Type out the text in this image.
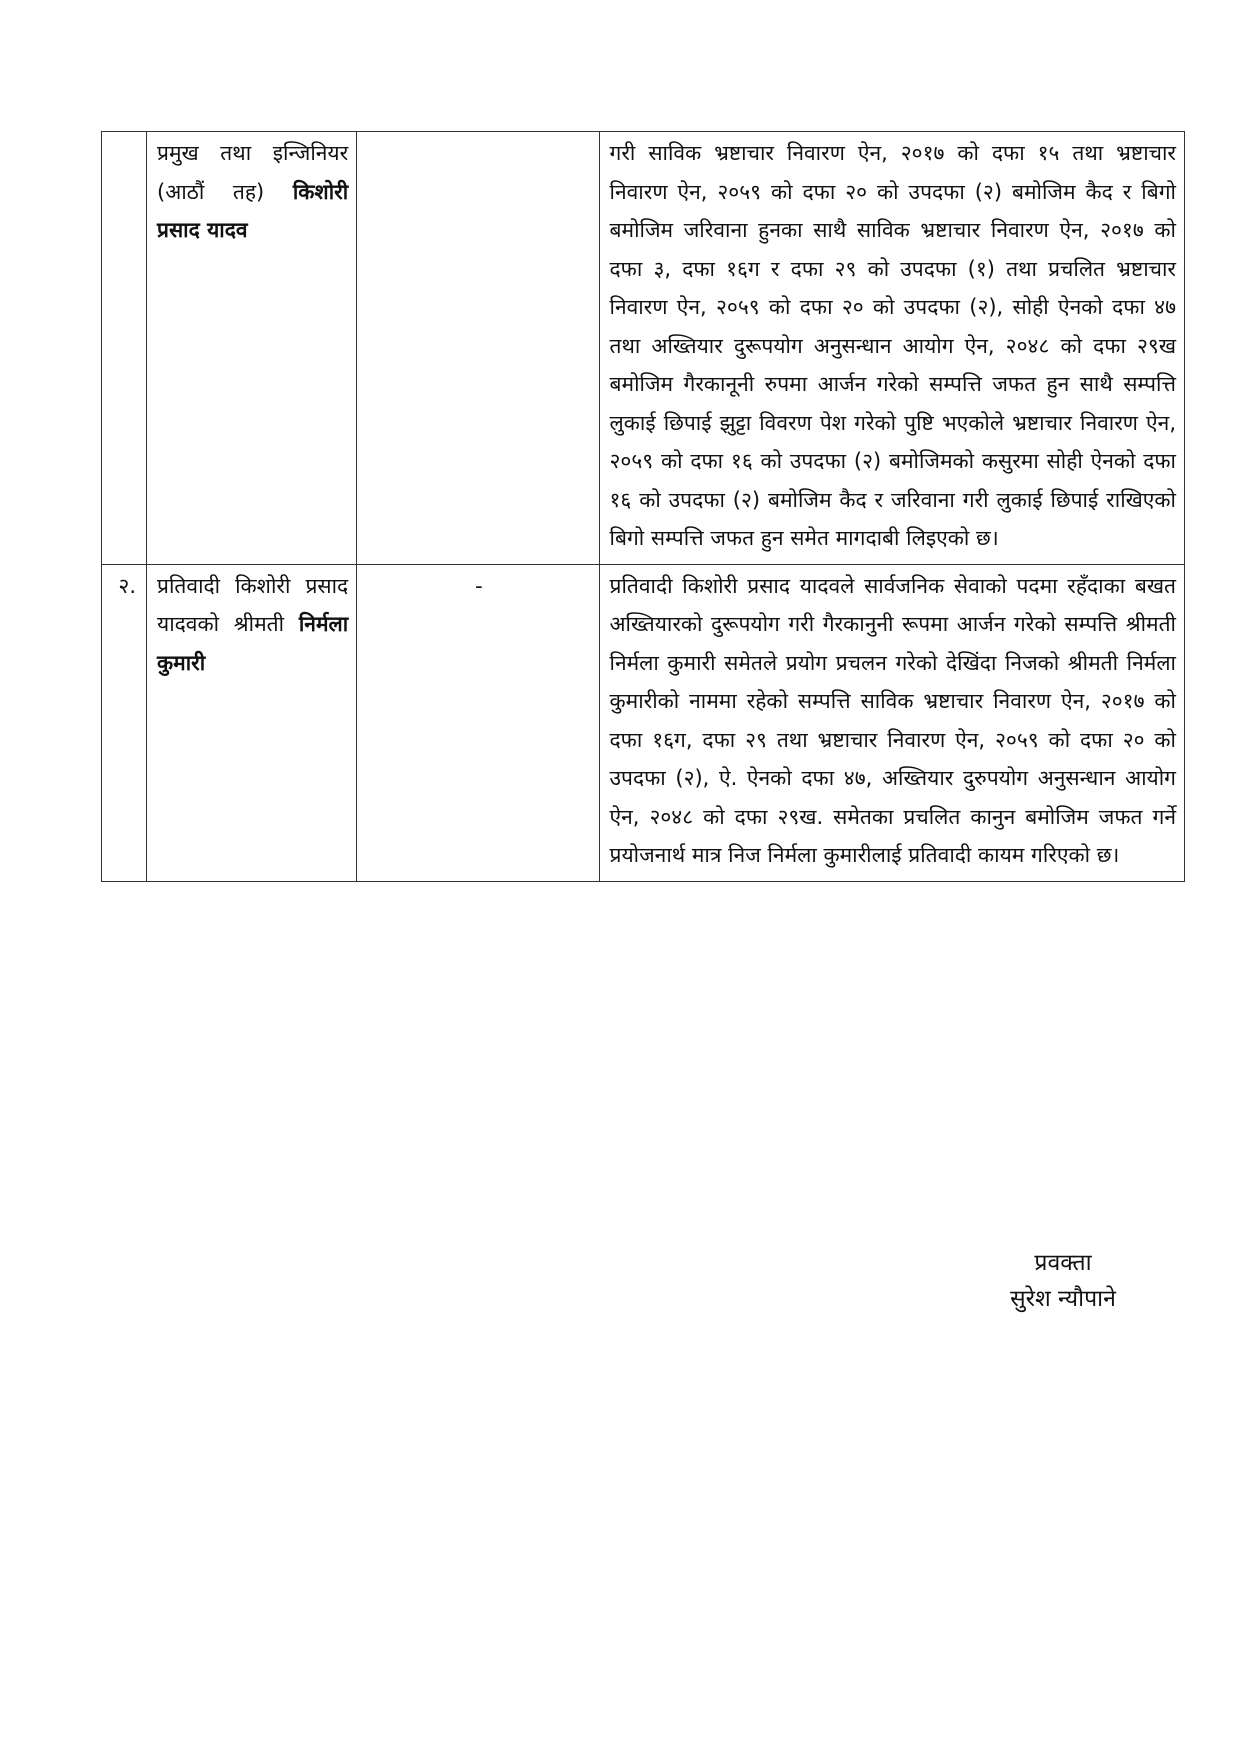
	प्रमुख तथा इन्जिनियर (आठौं तह) किशोरी प्रसाद यादव		गरी साविक भ्रष्टाचार निवारण ऐन, २०१७ को दफा १५ तथा भ्रष्टाचार निवारण ऐन, २०५९ को दफा २० को उपदफा (२) बमोजिम कैद र बिगो बमोजिम जरिवाना हुनका साथै साविक भ्रष्टाचार निवारण ऐन, २०१७ को दफा ३, दफा १६ग र दफा २९ को उपदफा (१) तथा प्रचलित भ्रष्टाचार निवारण ऐन, २०५९ को दफा २० को उपदफा (२), सोही ऐनको दफा ४७ तथा अख्तियार दुरूपयोग अनुसन्धान आयोग ऐन, २०४८ को दफा २९ख बमोजिम गैरकानूनी रुपमा आर्जन गरेको सम्पत्ति जफत हुन साथै सम्पत्ति लुकाई छिपाई झुट्टा विवरण पेश गरेको पुष्टि भएकोले भ्रष्टाचार निवारण ऐन, २०५९ को दफा १६ को उपदफा (२) बमोजिमको कसुरमा सोही ऐनको दफा १६ को उपदफा (२) बमोजिम कैद र जरिवाना गरी लुकाई छिपाई राखिएको बिगो सम्पत्ति जफत हुन समेत मागदाबी लिइएको छ।
२.	प्रतिवादी किशोरी प्रसाद यादवको श्रीमती निर्मला कुमारी	-	प्रतिवादी किशोरी प्रसाद यादवले सार्वजनिक सेवाको पदमा रहँदाका बखत अख्तियारको दुरूपयोग गरी गैरकानुनी रूपमा आर्जन गरेको सम्पत्ति श्रीमती निर्मला कुमारी समेतले प्रयोग प्रचलन गरेको देखिंदा निजको श्रीमती निर्मला कुमारीको नाममा रहेको सम्पत्ति साविक भ्रष्टाचार निवारण ऐन, २०१७ को दफा १६ग, दफा २९ तथा भ्रष्टाचार निवारण ऐन, २०५९ को दफा २० को उपदफा (२), ऐ. ऐनको दफा ४७, अख्तियार दुरुपयोग अनुसन्धान आयोग ऐन, २०४८ को दफा २९ख. समेतका प्रचलित कानुन बमोजिम जफत गर्ने प्रयोजनार्थ मात्र निज निर्मला कुमारीलाई प्रतिवादी कायम गरिएको छ।
प्रवक्ता
सुरेश न्यौपाने
